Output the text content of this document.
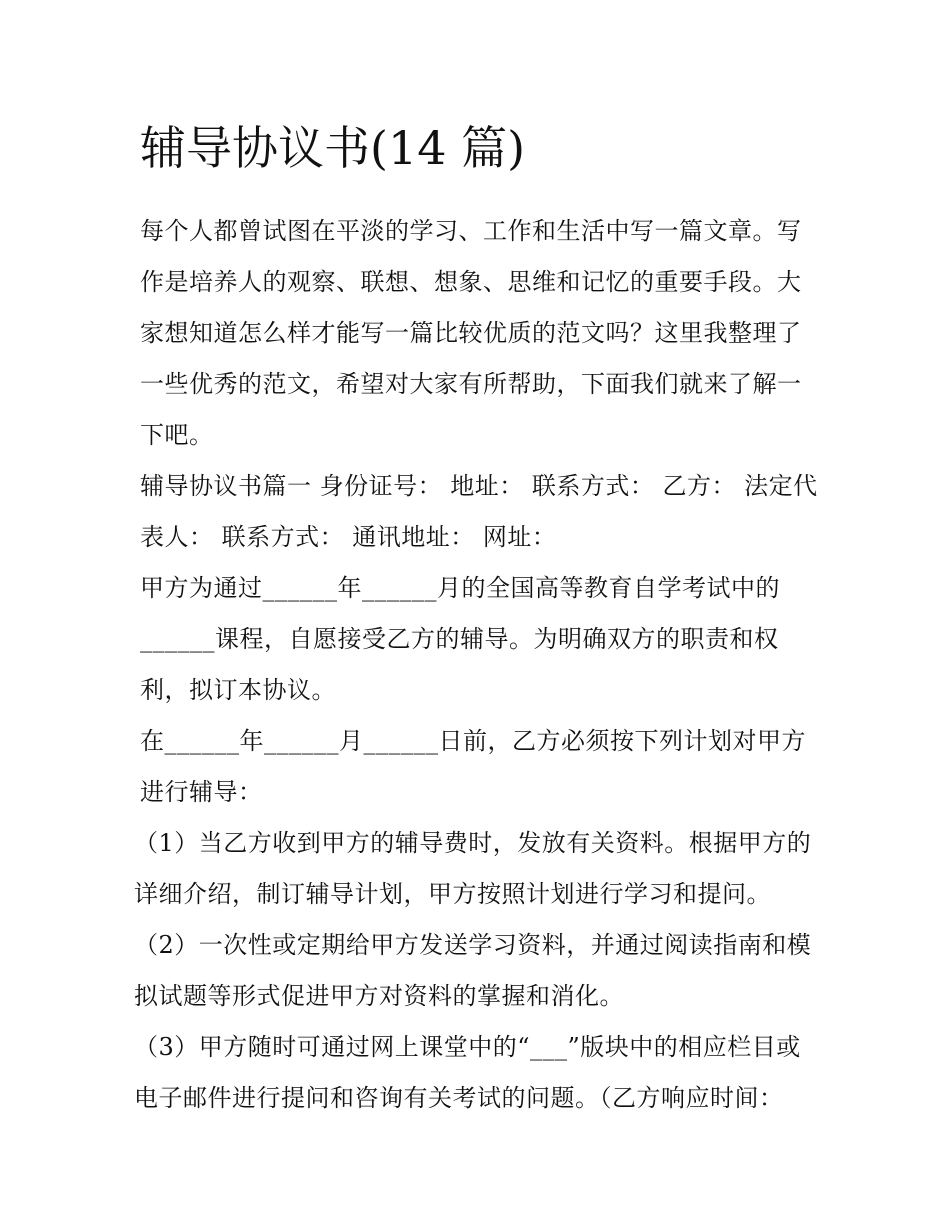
辅导协议书(14 篇)

每个人都曾试图在平淡的学习、工作和生活中写一篇文章。写作是培养人的观察、联想、想象、思维和记忆的重要手段。大家想知道怎么样才能写一篇比较优质的范文吗？这里我整理了一些优秀的范文，希望对大家有所帮助，下面我们就来了解一下吧。

辅导协议书篇一 身份证号： 地址： 联系方式： 乙方： 法定代表人： 联系方式： 通讯地址： 网址：

甲方为通过______年______月的全国高等教育自学考试中的______课程，自愿接受乙方的辅导。为明确双方的职责和权利，拟订本协议。

在______年______月______日前，乙方必须按下列计划对甲方进行辅导：

（1）当乙方收到甲方的辅导费时，发放有关资料。根据甲方的详细介绍，制订辅导计划，甲方按照计划进行学习和提问。

（2）一次性或定期给甲方发送学习资料，并通过阅读指南和模拟试题等形式促进甲方对资料的掌握和消化。

（3）甲方随时可通过网上课堂中的“___”版块中的相应栏目或电子邮件进行提问和咨询有关考试的问题。（乙方响应时间：
